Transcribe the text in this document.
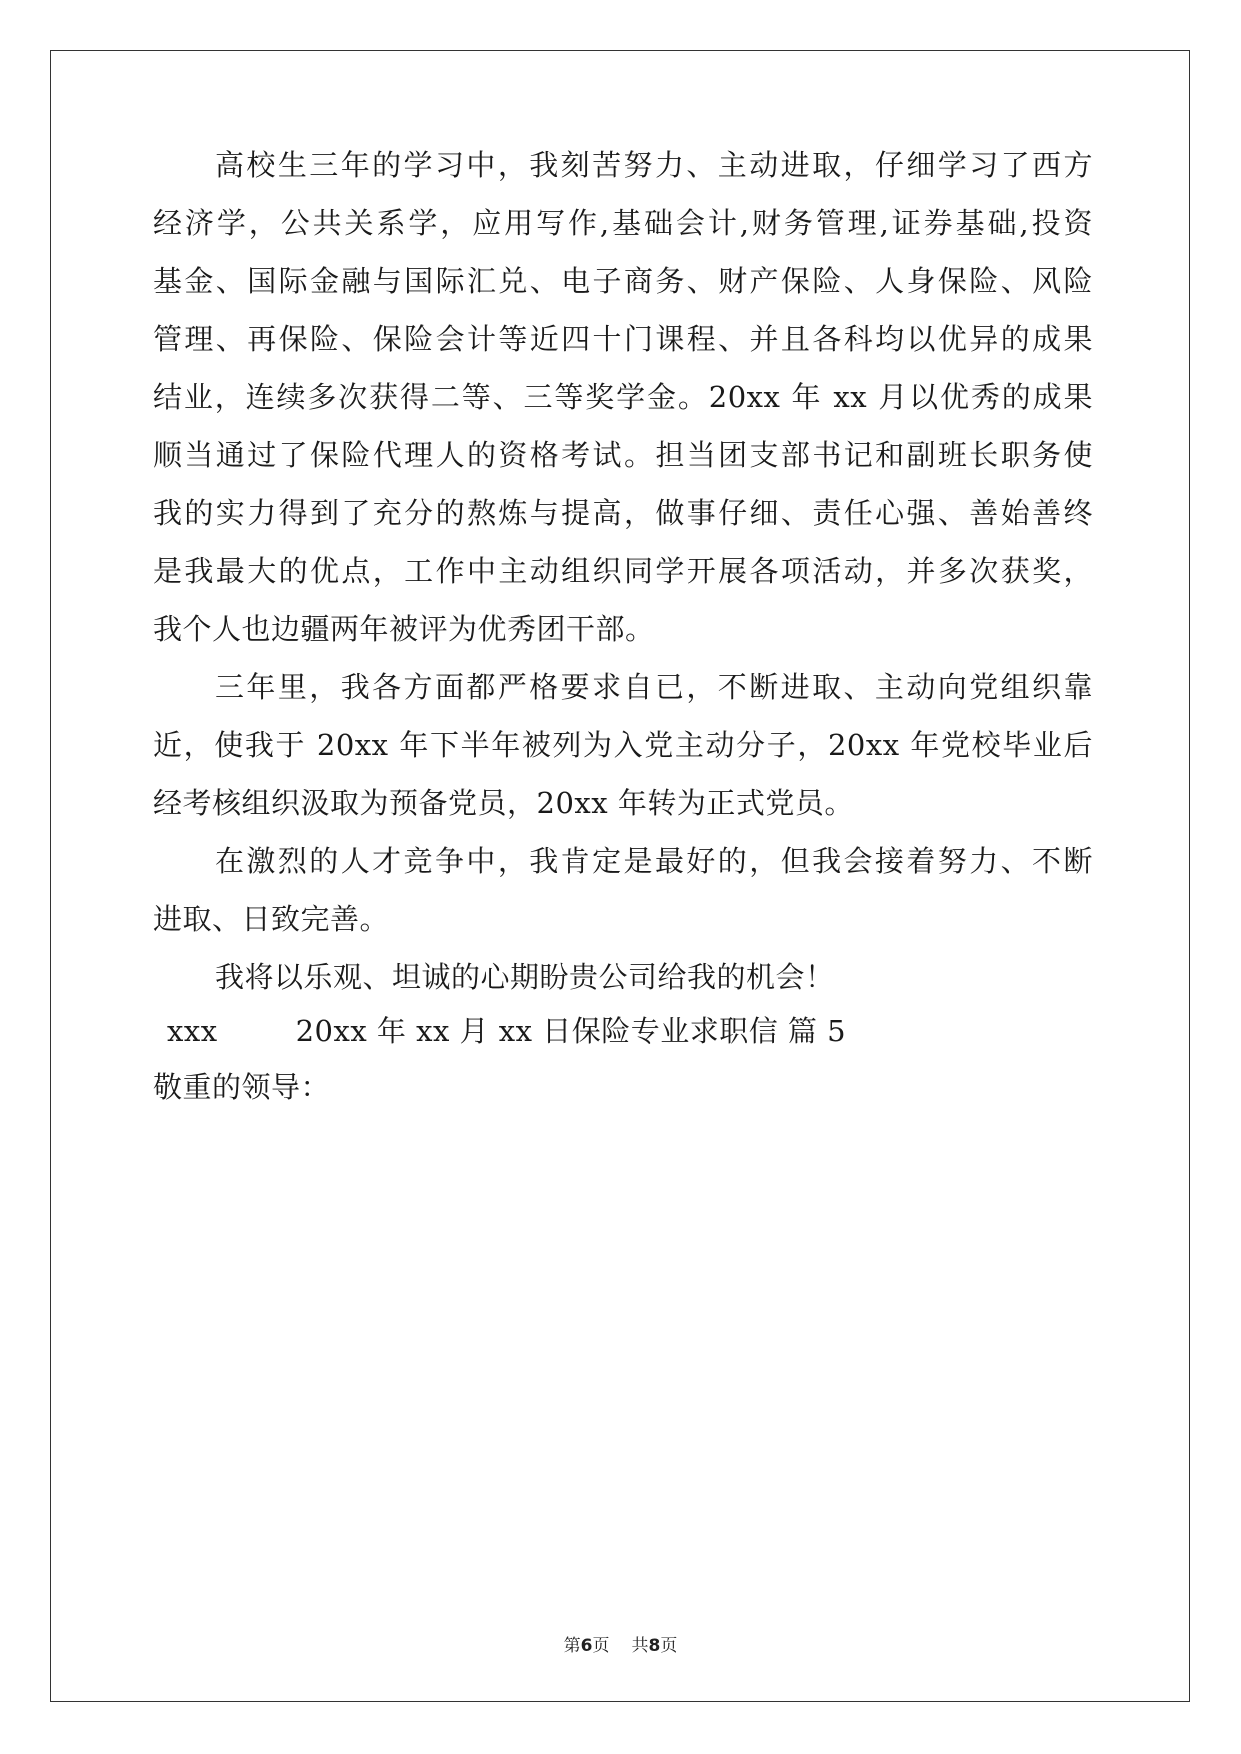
高校生三年的学习中，我刻苦努力、主动进取，仔细学习了西方
经济学，公共关系学，应用写作,基础会计,财务管理,证券基础,投资
基金、国际金融与国际汇兑、电子商务、财产保险、人身保险、风险
管理、再保险、保险会计等近四十门课程、并且各科均以优异的成果
结业，连续多次获得二等、三等奖学金。20xx 年 xx 月以优秀的成果
顺当通过了保险代理人的资格考试。担当团支部书记和副班长职务使
我的实力得到了充分的熬炼与提高，做事仔细、责任心强、善始善终
是我最大的优点，工作中主动组织同学开展各项活动，并多次获奖，
我个人也边疆两年被评为优秀团干部。
三年里，我各方面都严格要求自已，不断进取、主动向党组织靠
近，使我于 20xx 年下半年被列为入党主动分子，20xx 年党校毕业后
经考核组织汲取为预备党员，20xx 年转为正式党员。
在激烈的人才竞争中，我肯定是最好的，但我会接着努力、不断
进取、日致完善。
我将以乐观、坦诚的心期盼贵公司给我的机会！
xxx	20xx 年 xx 月 xx 日保险专业求职信 篇 5
敬重的领导：
第6页 共8页
